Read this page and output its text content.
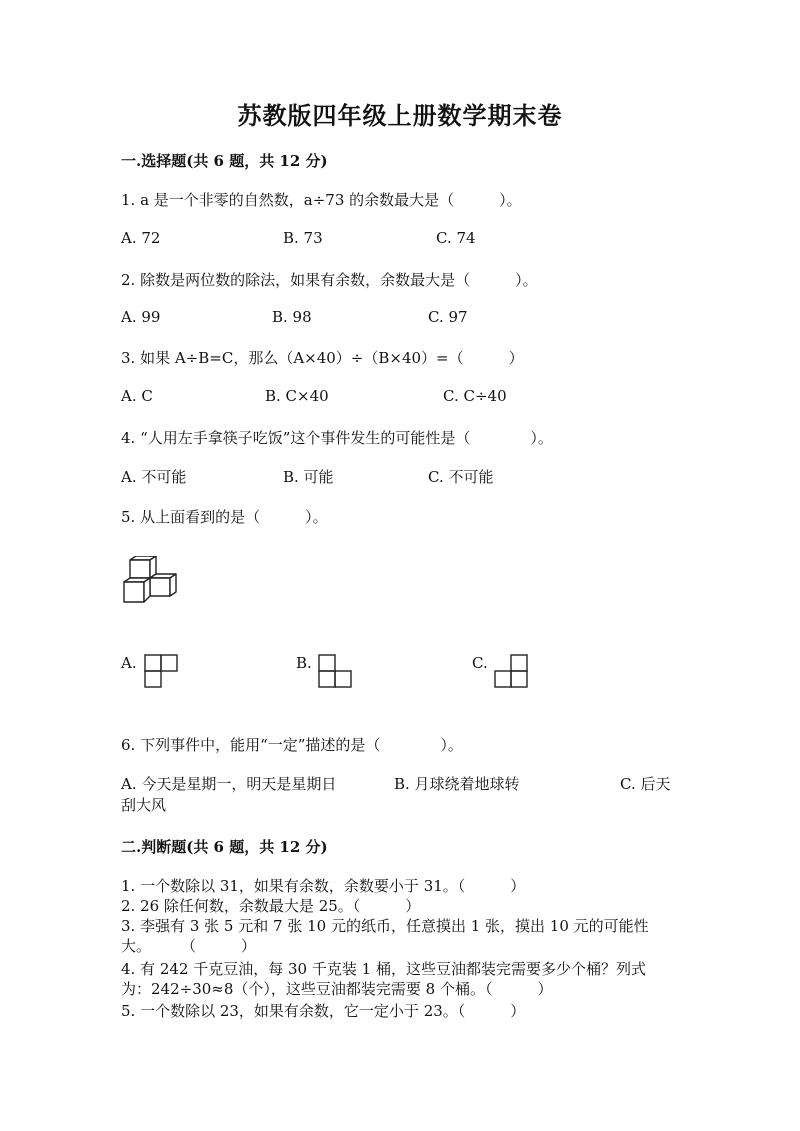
苏教版四年级上册数学期末卷
一.选择题(共 6 题，共 12 分)
1. a 是一个非零的自然数，a÷73 的余数最大是（　　　）。
A. 72	B. 73	C. 74
2. 除数是两位数的除法，如果有余数，余数最大是（　　　）。
A. 99	B. 98	C. 97
3. 如果 A÷B=C，那么（A×40）÷（B×40）=（　　　）
A. C	B. C×40	C. C÷40
4. “人用左手拿筷子吃饭”这个事件发生的可能性是（　　　　）。
A. 不可能	B. 可能	C. 不可能
5. 从上面看到的是（　　　）。
A.	B.	C.
6. 下列事件中，能用“一定”描述的是（　　　　）。
A. 今天是星期一，明天是星期日	B. 月球绕着地球转	C. 后天
刮大风
二.判断题(共 6 题，共 12 分)
1. 一个数除以 31，如果有余数，余数要小于 31。（　　　）
2. 26 除任何数，余数最大是 25。（　　　）
3. 李强有 3 张 5 元和 7 张 10 元的纸币，任意摸出 1 张，摸出 10 元的可能性
大。　　　（　　　）
4. 有 242 千克豆油，每 30 千克装 1 桶，这些豆油都装完需要多少个桶？列式
为：242÷30≈8（个），这些豆油都装完需要 8 个桶。（　　　）
5. 一个数除以 23，如果有余数，它一定小于 23。（　　　）
